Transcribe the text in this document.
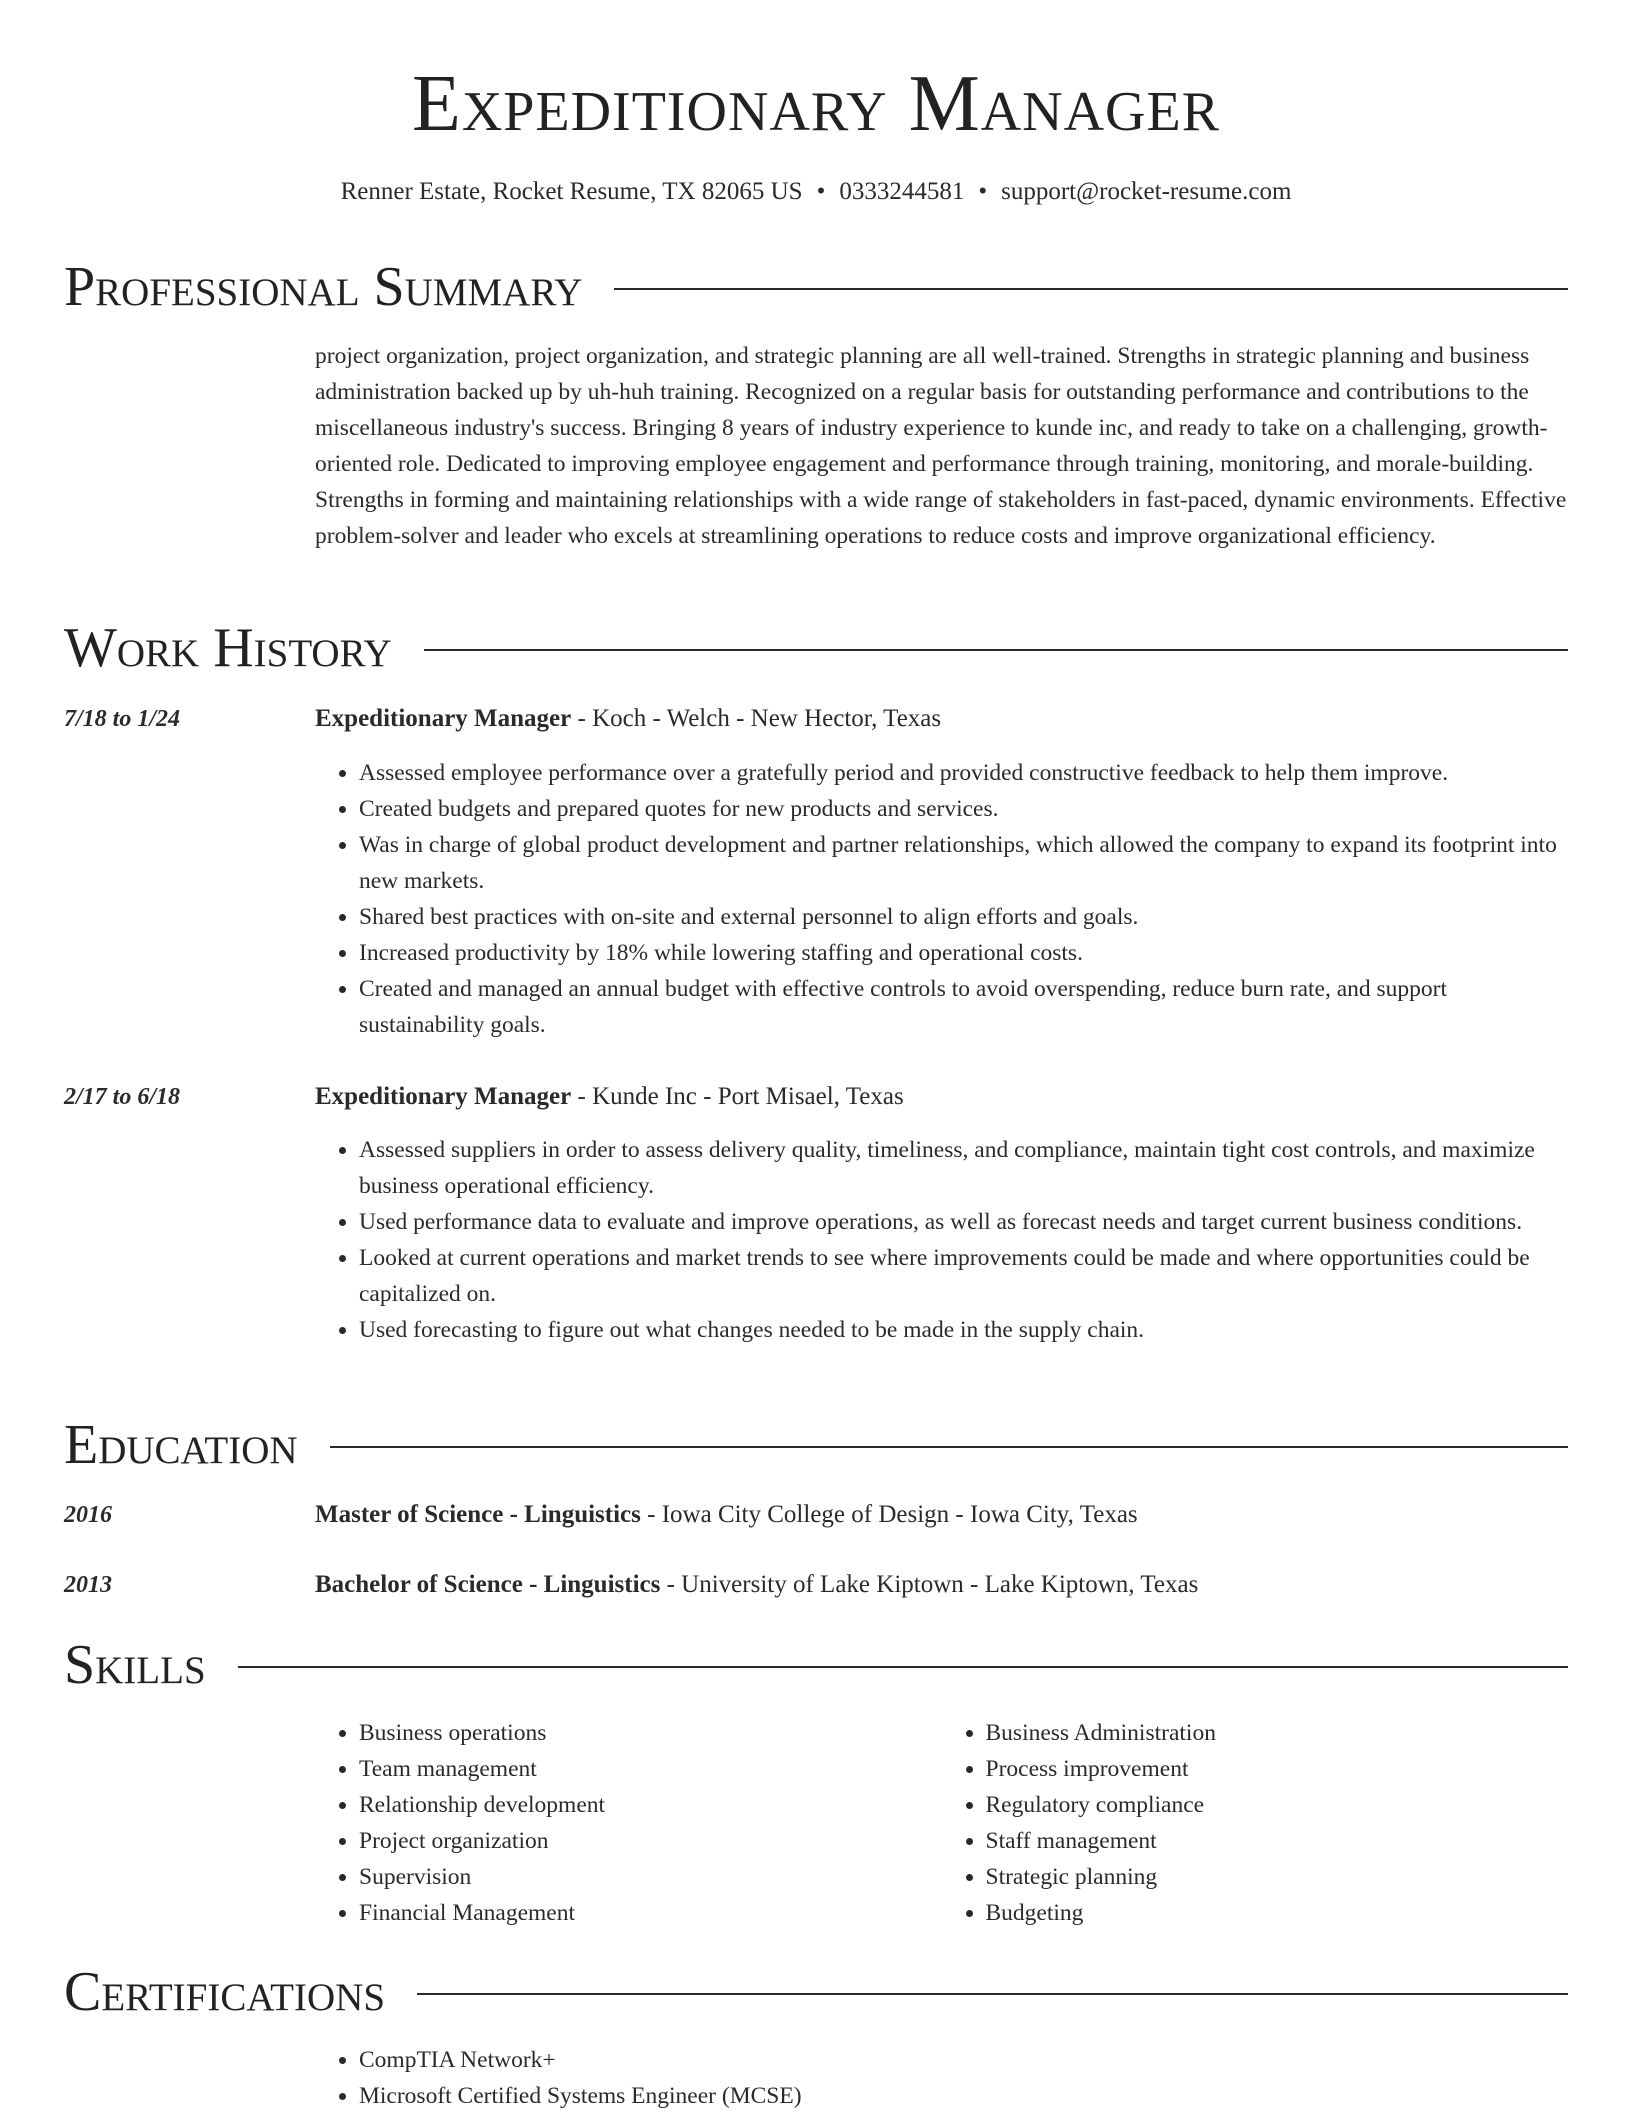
Expeditionary Manager
Renner Estate, Rocket Resume, TX 82065 US • 0333244581 • support@rocket-resume.com
Professional Summary

project organization, project organization, and strategic planning are all well-trained. Strengths in strategic planning and business administration backed up by uh-huh training. Recognized on a regular basis for outstanding performance and contributions to the miscellaneous industry's success. Bringing 8 years of industry experience to kunde inc, and ready to take on a challenging, growth-oriented role. Dedicated to improving employee engagement and performance through training, monitoring, and morale-building. Strengths in forming and maintaining relationships with a wide range of stakeholders in fast-paced, dynamic environments. Effective problem-solver and leader who excels at streamlining operations to reduce costs and improve organizational efficiency.

Work History
7/18 to 1/24	Expeditionary Manager - Koch - Welch - New Hector, Texas
• Assessed employee performance over a gratefully period and provided constructive feedback to help them improve.
• Created budgets and prepared quotes for new products and services.
• Was in charge of global product development and partner relationships, which allowed the company to expand its footprint into new markets.
• Shared best practices with on-site and external personnel to align efforts and goals.
• Increased productivity by 18% while lowering staffing and operational costs.
• Created and managed an annual budget with effective controls to avoid overspending, reduce burn rate, and support sustainability goals.
2/17 to 6/18	Expeditionary Manager - Kunde Inc - Port Misael, Texas
• Assessed suppliers in order to assess delivery quality, timeliness, and compliance, maintain tight cost controls, and maximize business operational efficiency.
• Used performance data to evaluate and improve operations, as well as forecast needs and target current business conditions.
• Looked at current operations and market trends to see where improvements could be made and where opportunities could be capitalized on.
• Used forecasting to figure out what changes needed to be made in the supply chain.
Education
2016	Master of Science - Linguistics - Iowa City College of Design - Iowa City, Texas
2013	Bachelor of Science - Linguistics - University of Lake Kiptown - Lake Kiptown, Texas
Skills
• Business operations
• Team management
• Relationship development
• Project organization
• Supervision
• Financial Management
• Business Administration
• Process improvement
• Regulatory compliance
• Staff management
• Strategic planning
• Budgeting
Certifications
• CompTIA Network+
• Microsoft Certified Systems Engineer (MCSE)
